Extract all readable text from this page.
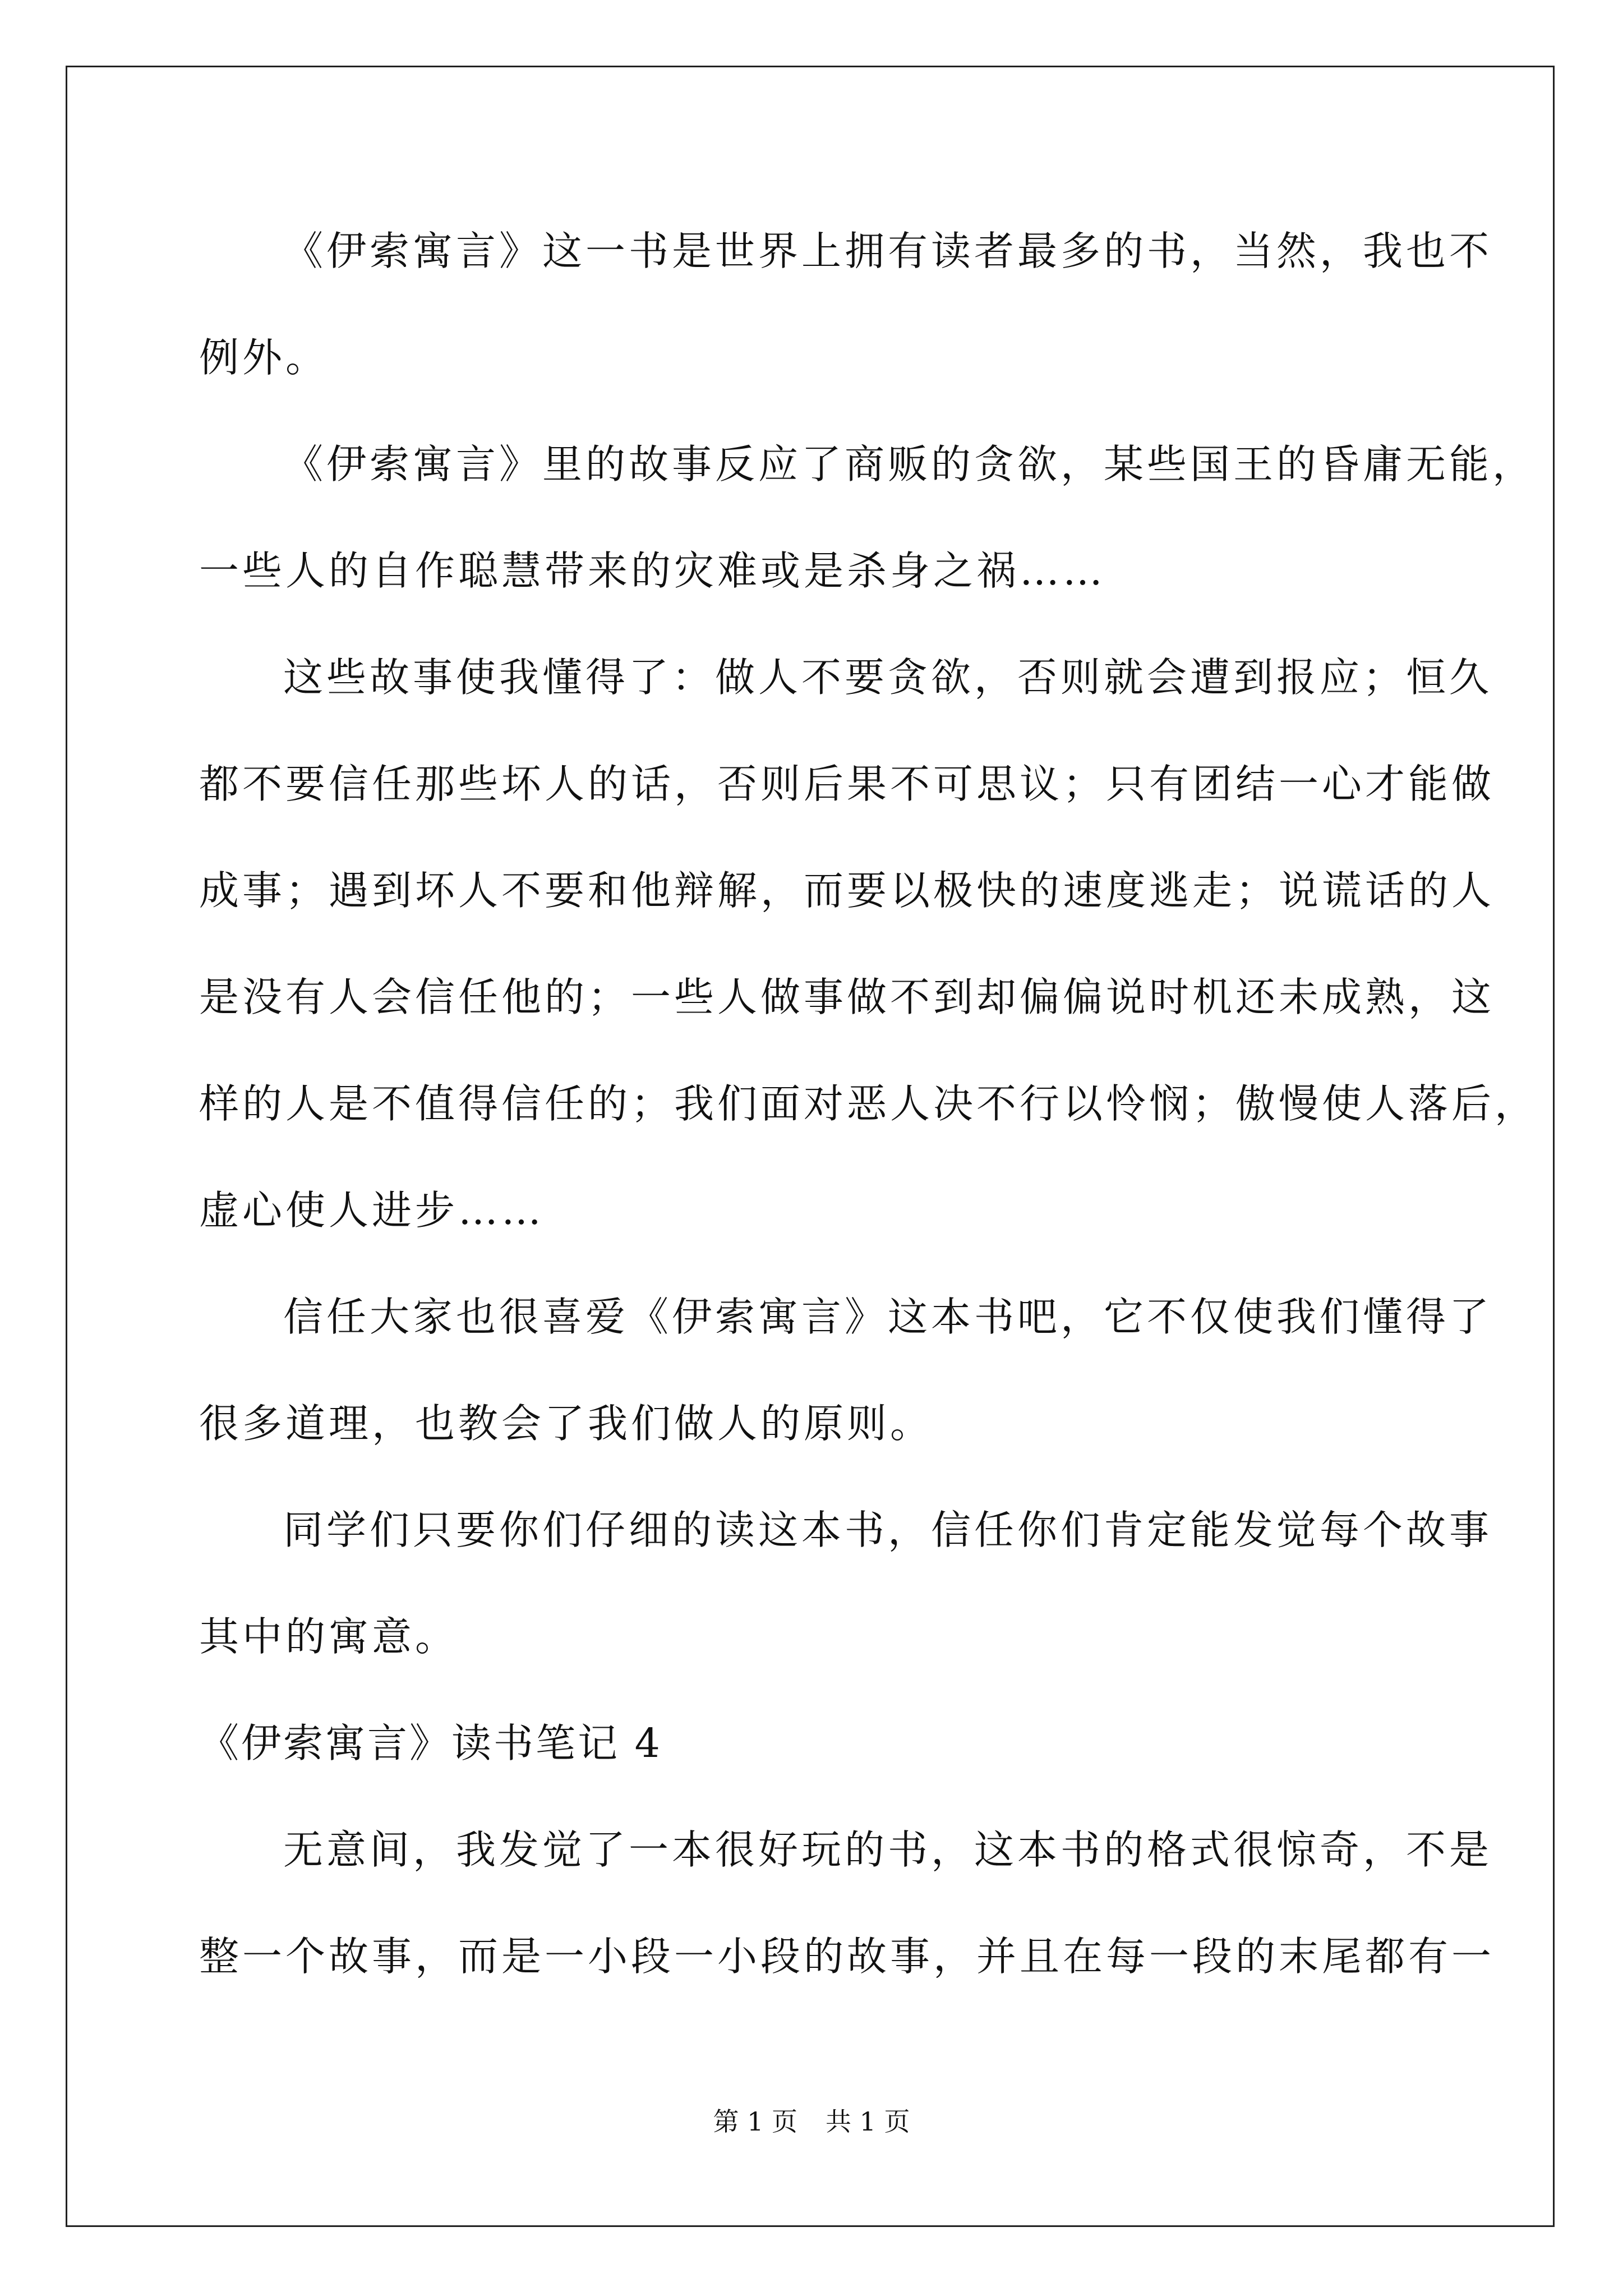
《伊索寓言》这一书是世界上拥有读者最多的书，当然，我也不
例外。
《伊索寓言》里的故事反应了商贩的贪欲，某些国王的昏庸无能，
一些人的自作聪慧带来的灾难或是杀身之祸……
这些故事使我懂得了：做人不要贪欲，否则就会遭到报应；恒久
都不要信任那些坏人的话，否则后果不可思议；只有团结一心才能做
成事；遇到坏人不要和他辩解，而要以极快的速度逃走；说谎话的人
是没有人会信任他的；一些人做事做不到却偏偏说时机还未成熟，这
样的人是不值得信任的；我们面对恶人决不行以怜悯；傲慢使人落后，
虚心使人进步……
信任大家也很喜爱《伊索寓言》这本书吧，它不仅使我们懂得了
很多道理，也教会了我们做人的原则。
同学们只要你们仔细的读这本书，信任你们肯定能发觉每个故事
其中的寓意。
《伊索寓言》读书笔记 4
无意间，我发觉了一本很好玩的书，这本书的格式很惊奇，不是
整一个故事，而是一小段一小段的故事，并且在每一段的末尾都有一
第 1 页 共 1 页
